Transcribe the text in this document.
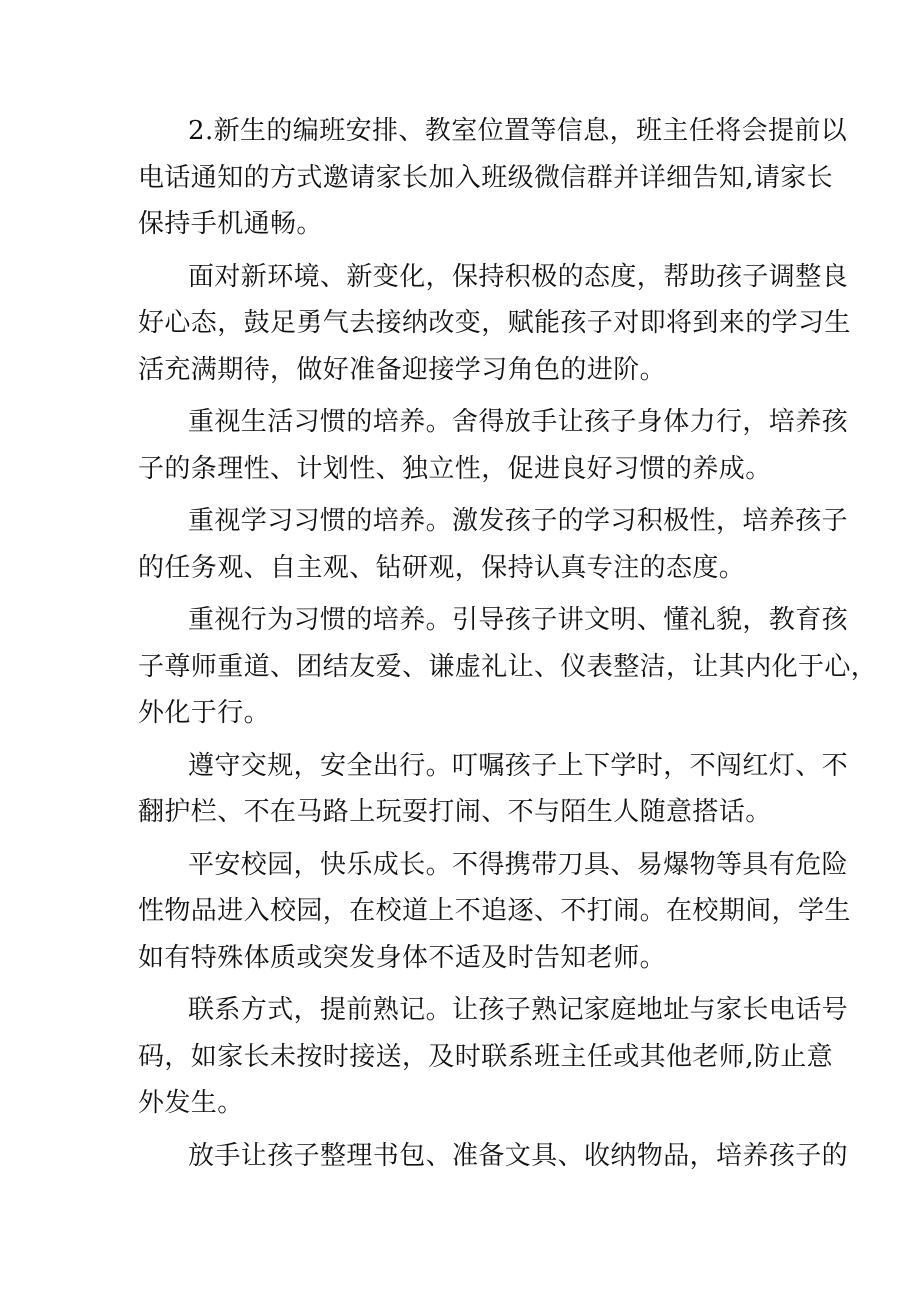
2.新生的编班安排、教室位置等信息，班主任将会提前以
电话通知的方式邀请家长加入班级微信群并详细告知,请家长
保持手机通畅。
面对新环境、新变化，保持积极的态度，帮助孩子调整良
好心态，鼓足勇气去接纳改变，赋能孩子对即将到来的学习生
活充满期待，做好准备迎接学习角色的进阶。
重视生活习惯的培养。舍得放手让孩子身体力行，培养孩
子的条理性、计划性、独立性，促进良好习惯的养成。
重视学习习惯的培养。激发孩子的学习积极性，培养孩子
的任务观、自主观、钻研观，保持认真专注的态度。
重视行为习惯的培养。引导孩子讲文明、懂礼貌，教育孩
子尊师重道、团结友爱、谦虚礼让、仪表整洁，让其内化于心，
外化于行。
遵守交规，安全出行。叮嘱孩子上下学时，不闯红灯、不
翻护栏、不在马路上玩耍打闹、不与陌生人随意搭话。
平安校园，快乐成长。不得携带刀具、易爆物等具有危险
性物品进入校园，在校道上不追逐、不打闹。在校期间，学生
如有特殊体质或突发身体不适及时告知老师。
联系方式，提前熟记。让孩子熟记家庭地址与家长电话号
码，如家长未按时接送，及时联系班主任或其他老师,防止意
外发生。
放手让孩子整理书包、准备文具、收纳物品，培养孩子的
